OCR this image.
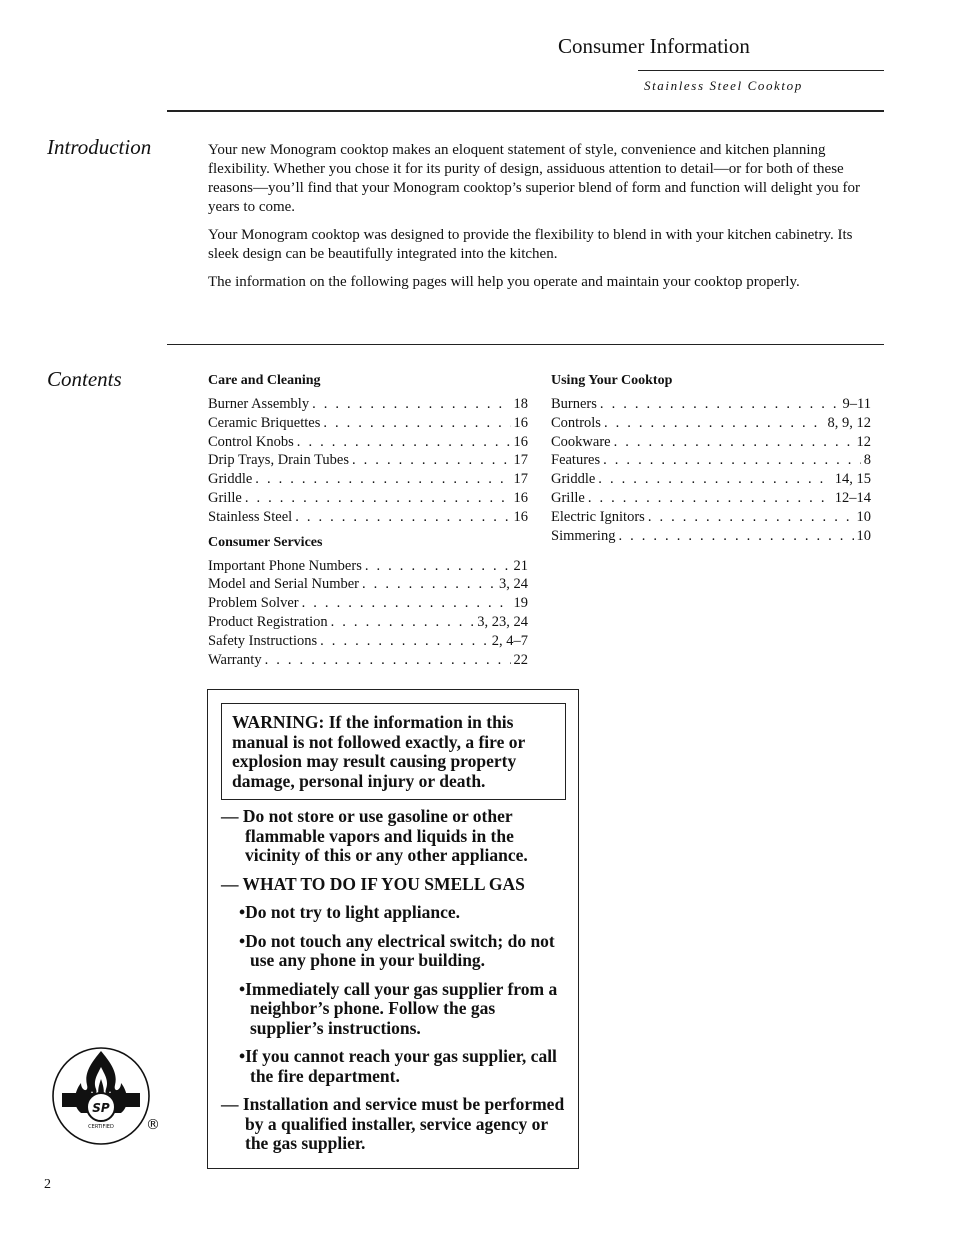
Consumer Information
Stainless Steel Cooktop
Introduction	Your new Monogram cooktop makes an eloquent statement of style, convenience and kitchen planning flexibility. Whether you chose it for its purity of design, assiduous attention to detail—or for both of these reasons—you’ll find that your Monogram cooktop’s superior blend of form and function will delight you for years to come.

Your Monogram cooktop was designed to provide the flexibility to blend in with your kitchen cabinetry. Its sleek design can be beautifully integrated into the kitchen.

The information on the following pages will help you operate and maintain your cooktop properly.

Contents	Care and Cleaning
Burner Assembly . . .	18
Ceramic Briquettes . . .	16
Control Knobs . . .	16
Drip Trays, Drain Tubes . . .	17
Griddle . . .	17
Grille . . .	16
Stainless Steel . . .	16
Consumer Services
Important Phone Numbers . . .	21
Model and Serial Number . . .	3, 24
Problem Solver . . .	19
Product Registration . . .	3, 23, 24
Safety Instructions . . .	2, 4–7
Warranty . . .	22
Using Your Cooktop
Burners . . .	9–11
Controls . . .	8, 9, 12
Cookware . . .	12
Features . . .	8
Griddle . . .	14, 15
Grille . . .	12–14
Electric Ignitors . . .	10
Simmering . . .	10
WARNING: If the information in this manual is not followed exactly, a fire or explosion may result causing property damage, personal injury or death.
— Do not store or use gasoline or other flammable vapors and liquids in the vicinity of this or any other appliance.
— WHAT TO DO IF YOU SMELL GAS
•Do not try to light appliance.
•Do not touch any electrical switch; do not use any phone in your building.
•Immediately call your gas supplier from a neighbor’s phone. Follow the gas supplier’s instructions.
•If you cannot reach your gas supplier, call the fire department.
— Installation and service must be performed by a qualified installer, service agency or the gas supplier.
SP
CERTIFIED ®
2
